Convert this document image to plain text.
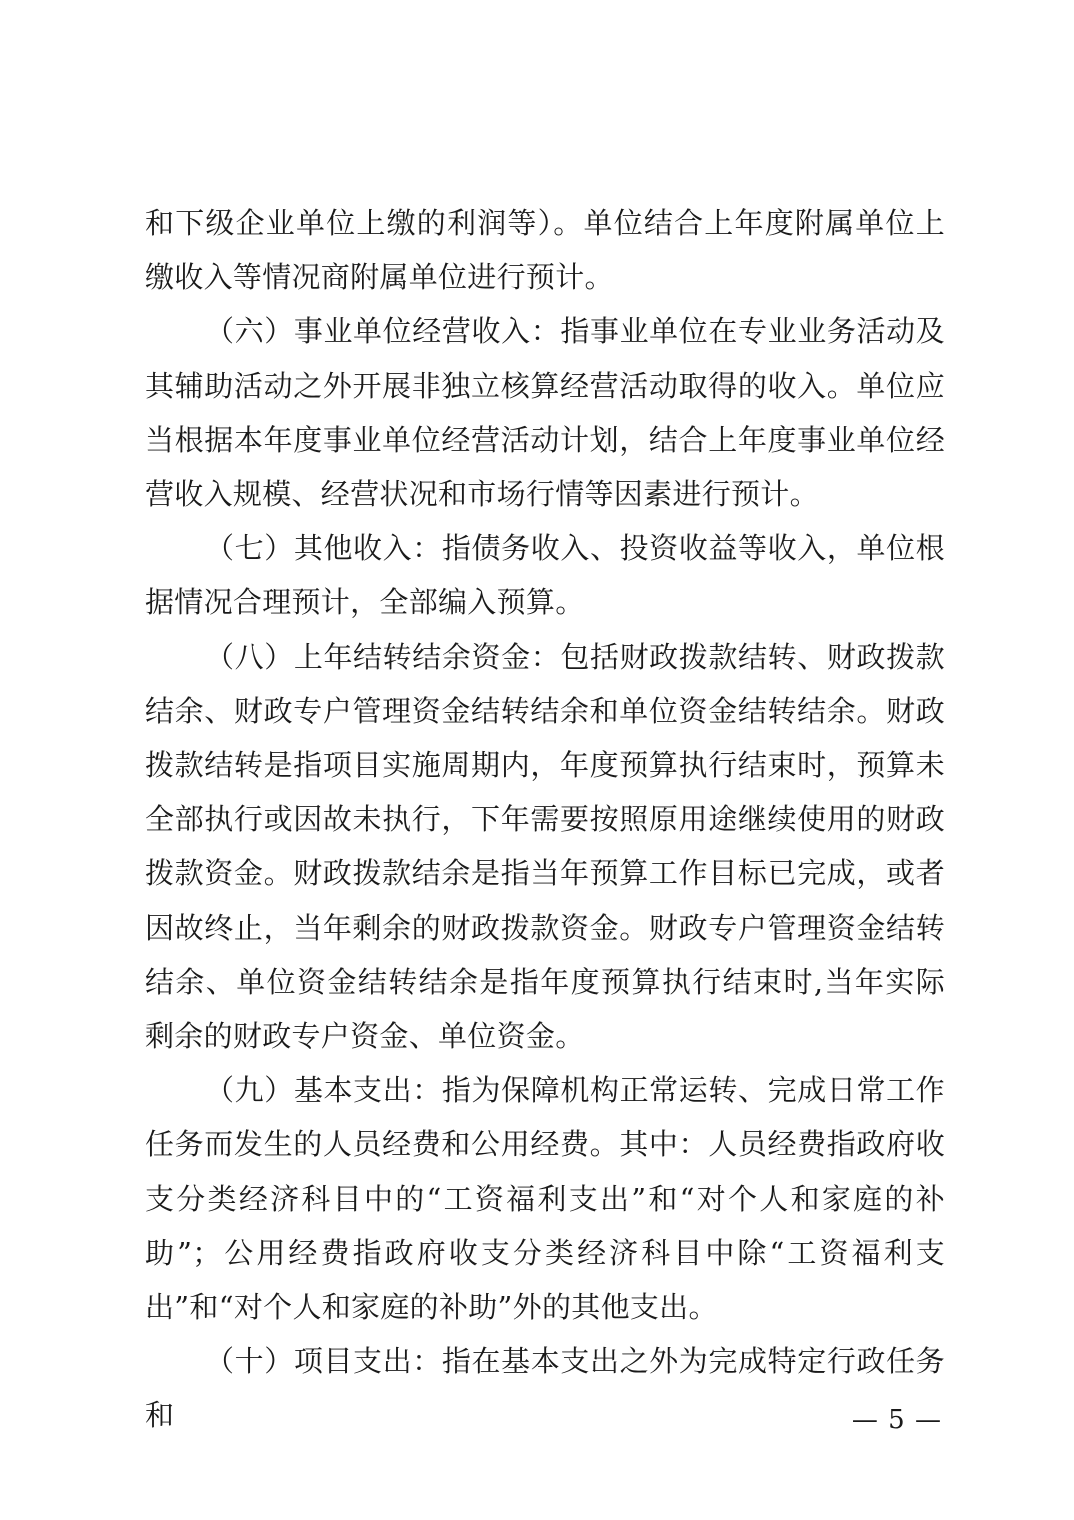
和下级企业单位上缴的利润等）。单位结合上年度附属单位上缴收入等情况商附属单位进行预计。

（六）事业单位经营收入：指事业单位在专业业务活动及其辅助活动之外开展非独立核算经营活动取得的收入。单位应当根据本年度事业单位经营活动计划，结合上年度事业单位经营收入规模、经营状况和市场行情等因素进行预计。

（七）其他收入：指债务收入、投资收益等收入，单位根据情况合理预计，全部编入预算。

（八）上年结转结余资金：包括财政拨款结转、财政拨款结余、财政专户管理资金结转结余和单位资金结转结余。财政拨款结转是指项目实施周期内，年度预算执行结束时，预算未全部执行或因故未执行，下年需要按照原用途继续使用的财政拨款资金。财政拨款结余是指当年预算工作目标已完成，或者因故终止，当年剩余的财政拨款资金。财政专户管理资金结转结余、单位资金结转结余是指年度预算执行结束时,当年实际剩余的财政专户资金、单位资金。

（九）基本支出：指为保障机构正常运转、完成日常工作任务而发生的人员经费和公用经费。其中：人员经费指政府收支分类经济科目中的“工资福利支出”和“对个人和家庭的补助”；公用经费指政府收支分类经济科目中除“工资福利支出”和“对个人和家庭的补助”外的其他支出。

（十）项目支出：指在基本支出之外为完成特定行政任务和	— 5 —
